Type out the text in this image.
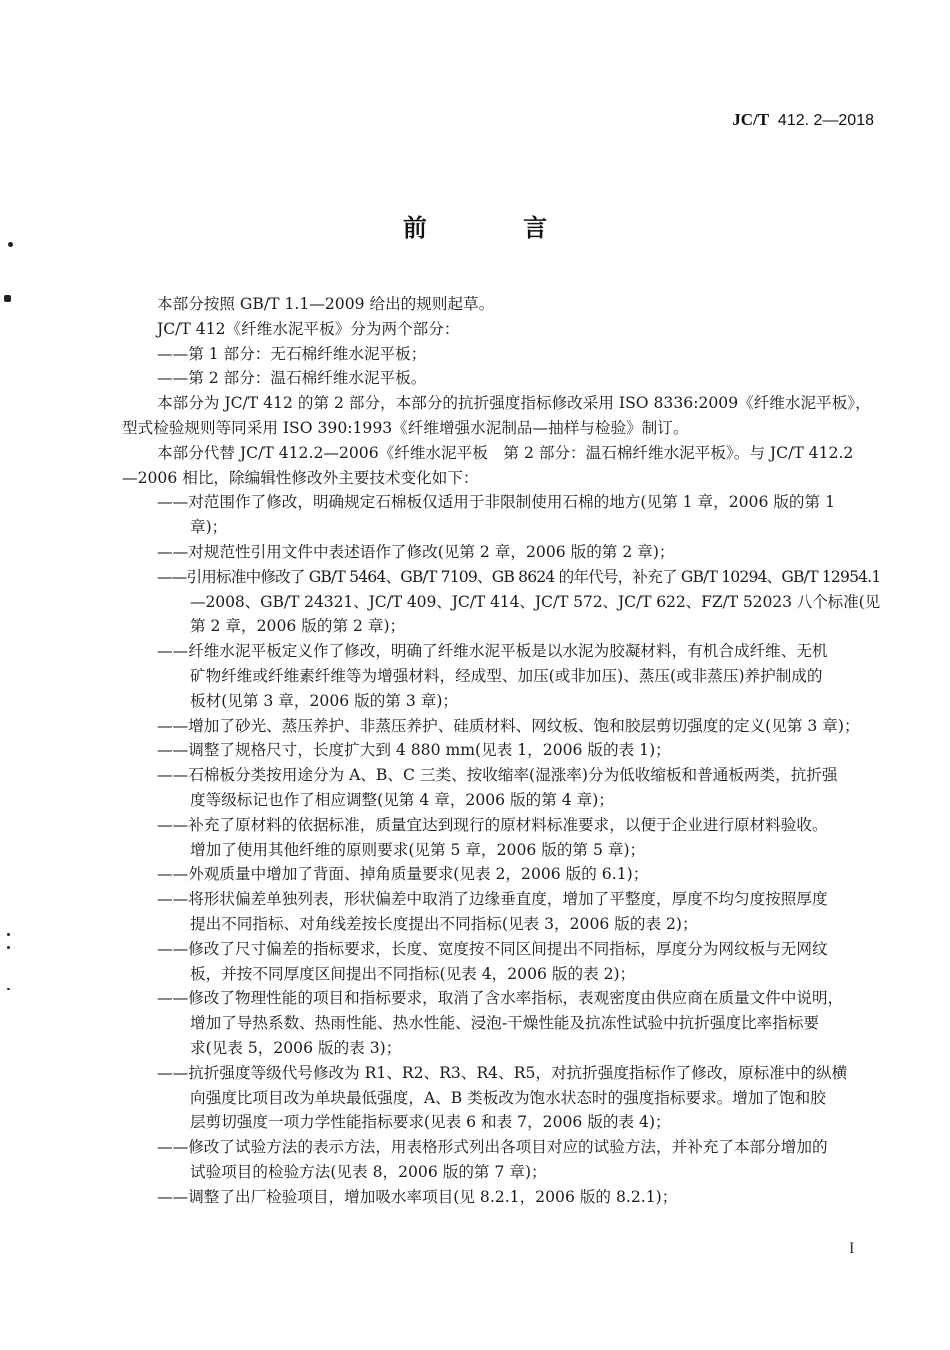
JC/T 412. 2—2018
前 言
本部分按照 GB/T 1.1—2009 给出的规则起草。
JC/T 412《纤维水泥平板》分为两个部分：
——第 1 部分：无石棉纤维水泥平板；
——第 2 部分：温石棉纤维水泥平板。
本部分为 JC/T 412 的第 2 部分，本部分的抗折强度指标修改采用 ISO 8336:2009《纤维水泥平板》，
型式检验规则等同采用 ISO 390:1993《纤维增强水泥制品—抽样与检验》制订。
本部分代替 JC/T 412.2—2006《纤维水泥平板　第 2 部分：温石棉纤维水泥平板》。与 JC/T 412.2
—2006 相比，除编辑性修改外主要技术变化如下：
——对范围作了修改，明确规定石棉板仅适用于非限制使用石棉的地方(见第 1 章，2006 版的第 1
章)；
——对规范性引用文件中表述语作了修改(见第 2 章，2006 版的第 2 章)；
——引用标准中修改了 GB/T 5464、GB/T 7109、GB 8624 的年代号，补充了 GB/T 10294、GB/T 12954.1
—2008、GB/T 24321、JC/T 409、JC/T 414、JC/T 572、JC/T 622、FZ/T 52023 八个标准(见
第 2 章，2006 版的第 2 章)；
——纤维水泥平板定义作了修改，明确了纤维水泥平板是以水泥为胶凝材料，有机合成纤维、无机
矿物纤维或纤维素纤维等为增强材料，经成型、加压(或非加压)、蒸压(或非蒸压)养护制成的
板材(见第 3 章，2006 版的第 3 章)；
——增加了砂光、蒸压养护、非蒸压养护、硅质材料、网纹板、饱和胶层剪切强度的定义(见第 3 章)；
——调整了规格尺寸，长度扩大到 4 880 mm(见表 1，2006 版的表 1)；
——石棉板分类按用途分为 A、B、C 三类、按收缩率(湿涨率)分为低收缩板和普通板两类，抗折强
度等级标记也作了相应调整(见第 4 章，2006 版的第 4 章)；
——补充了原材料的依据标准，质量宜达到现行的原材料标准要求，以便于企业进行原材料验收。
增加了使用其他纤维的原则要求(见第 5 章，2006 版的第 5 章)；
——外观质量中增加了背面、掉角质量要求(见表 2，2006 版的 6.1)；
——将形状偏差单独列表，形状偏差中取消了边缘垂直度，增加了平整度，厚度不均匀度按照厚度
提出不同指标、对角线差按长度提出不同指标(见表 3，2006 版的表 2)；
——修改了尺寸偏差的指标要求，长度、宽度按不同区间提出不同指标，厚度分为网纹板与无网纹
板，并按不同厚度区间提出不同指标(见表 4，2006 版的表 2)；
——修改了物理性能的项目和指标要求，取消了含水率指标，表观密度由供应商在质量文件中说明，
增加了导热系数、热雨性能、热水性能、浸泡-干燥性能及抗冻性试验中抗折强度比率指标要
求(见表 5，2006 版的表 3)；
——抗折强度等级代号修改为 R1、R2、R3、R4、R5，对抗折强度指标作了修改，原标准中的纵横
向强度比项目改为单块最低强度，A、B 类板改为饱水状态时的强度指标要求。增加了饱和胶
层剪切强度一项力学性能指标要求(见表 6 和表 7，2006 版的表 4)；
——修改了试验方法的表示方法，用表格形式列出各项目对应的试验方法，并补充了本部分增加的
试验项目的检验方法(见表 8，2006 版的第 7 章)；
——调整了出厂检验项目，增加吸水率项目(见 8.2.1，2006 版的 8.2.1)；
I
